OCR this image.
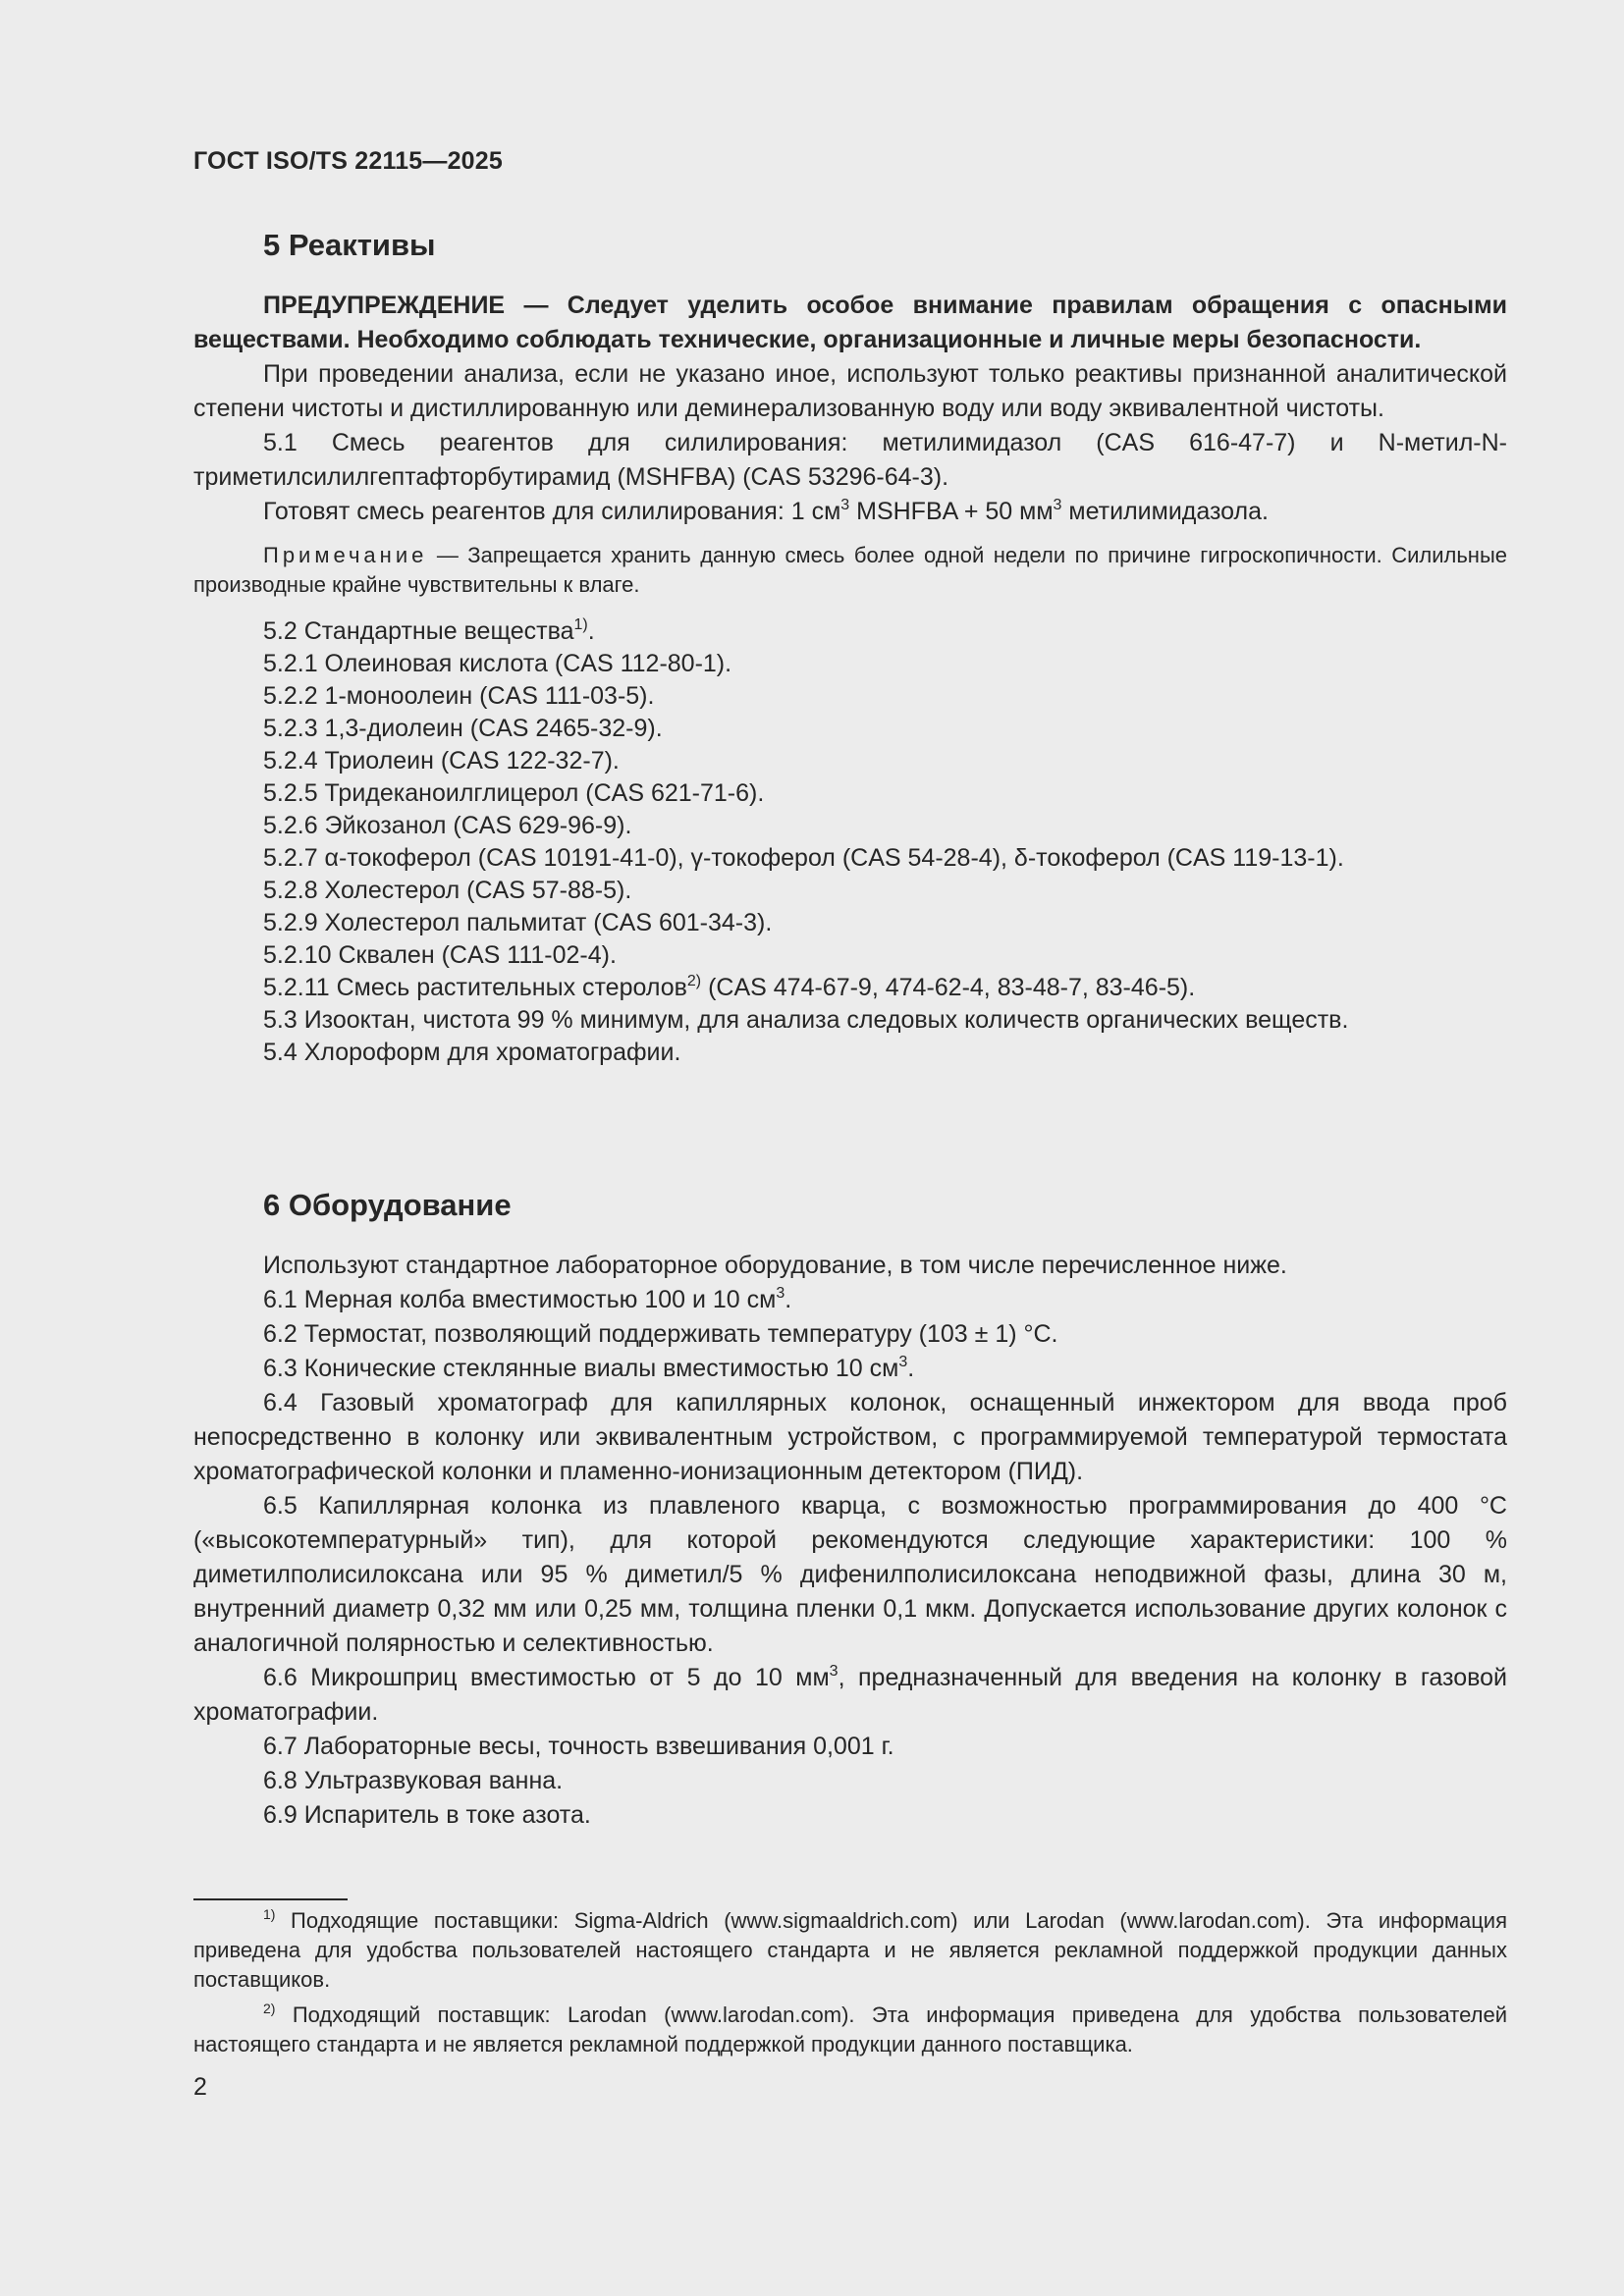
ГОСТ ISO/TS 22115—2025
5 Реактивы

ПРЕДУПРЕЖДЕНИЕ — Следует уделить особое внимание правилам обращения с опасными веществами. Необходимо соблюдать технические, организационные и личные меры безопасности.

При проведении анализа, если не указано иное, используют только реактивы признанной аналитической степени чистоты и дистиллированную или деминерализованную воду или воду эквивалентной чистоты.

5.1 Смесь реагентов для силилирования: метилимидазол (CAS 616-47-7) и N-метил-N-триметилсилилгептафторбутирамид (MSHFBA) (CAS 53296-64-3).

Готовят смесь реагентов для силилирования: 1 $см^3$ MSHFBA + 50 $мм^3$ метилимидазола.

Примечание — Запрещается хранить данную смесь более одной недели по причине гигроскопичности. Силильные производные крайне чувствительны к влаге.

5.2 Стандартные вещества$^{1)}$.

5.2.1 Олеиновая кислота (CAS 112-80-1).

5.2.2 1-моноолеин (CAS 111-03-5).

5.2.3 1,3-диолеин (CAS 2465-32-9).

5.2.4 Триолеин (CAS 122-32-7).

5.2.5 Тридеканоилглицерол (CAS 621-71-6).

5.2.6 Эйкозанол (CAS 629-96-9).

5.2.7 α-токоферол (CAS 10191-41-0), γ-токоферол (CAS 54-28-4), δ-токоферол (CAS 119-13-1).

5.2.8 Холестерол (CAS 57-88-5).

5.2.9 Холестерол пальмитат (CAS 601-34-3).

5.2.10 Сквален (CAS 111-02-4).

5.2.11 Смесь растительных стеролов$^{2)}$ (CAS 474-67-9, 474-62-4, 83-48-7, 83-46-5).

5.3 Изооктан, чистота 99 % минимум, для анализа следовых количеств органических веществ.

5.4 Хлороформ для хроматографии.

6 Оборудование

Используют стандартное лабораторное оборудование, в том числе перечисленное ниже.

6.1 Мерная колба вместимостью 100 и 10 $см^3$.

6.2 Термостат, позволяющий поддерживать температуру (103 ± 1) °С.

6.3 Конические стеклянные виалы вместимостью 10 $см^3$.

6.4 Газовый хроматограф для капиллярных колонок, оснащенный инжектором для ввода проб непосредственно в колонку или эквивалентным устройством, с программируемой температурой термостата хроматографической колонки и пламенно-ионизационным детектором (ПИД).

6.5 Капиллярная колонка из плавленого кварца, с возможностью программирования до 400 °С («высокотемпературный» тип), для которой рекомендуются следующие характеристики: 100 % диметилполисилоксана или 95 % диметил/5 % дифенилполисилоксана неподвижной фазы, длина 30 м, внутренний диаметр 0,32 мм или 0,25 мм, толщина пленки 0,1 мкм. Допускается использование других колонок с аналогичной полярностью и селективностью.

6.6 Микрошприц вместимостью от 5 до 10 $мм^3$, предназначенный для введения на колонку в газовой хроматографии.

6.7 Лабораторные весы, точность взвешивания 0,001 г.

6.8 Ультразвуковая ванна.

6.9 Испаритель в токе азота.

$^{1)}$ Подходящие поставщики: Sigma-Aldrich (www.sigmaaldrich.com) или Larodan (www.larodan.com). Эта информация приведена для удобства пользователей настоящего стандарта и не является рекламной поддержкой продукции данных поставщиков.

$^{2)}$ Подходящий поставщик: Larodan (www.larodan.com). Эта информация приведена для удобства пользователей настоящего стандарта и не является рекламной поддержкой продукции данного поставщика.

2
